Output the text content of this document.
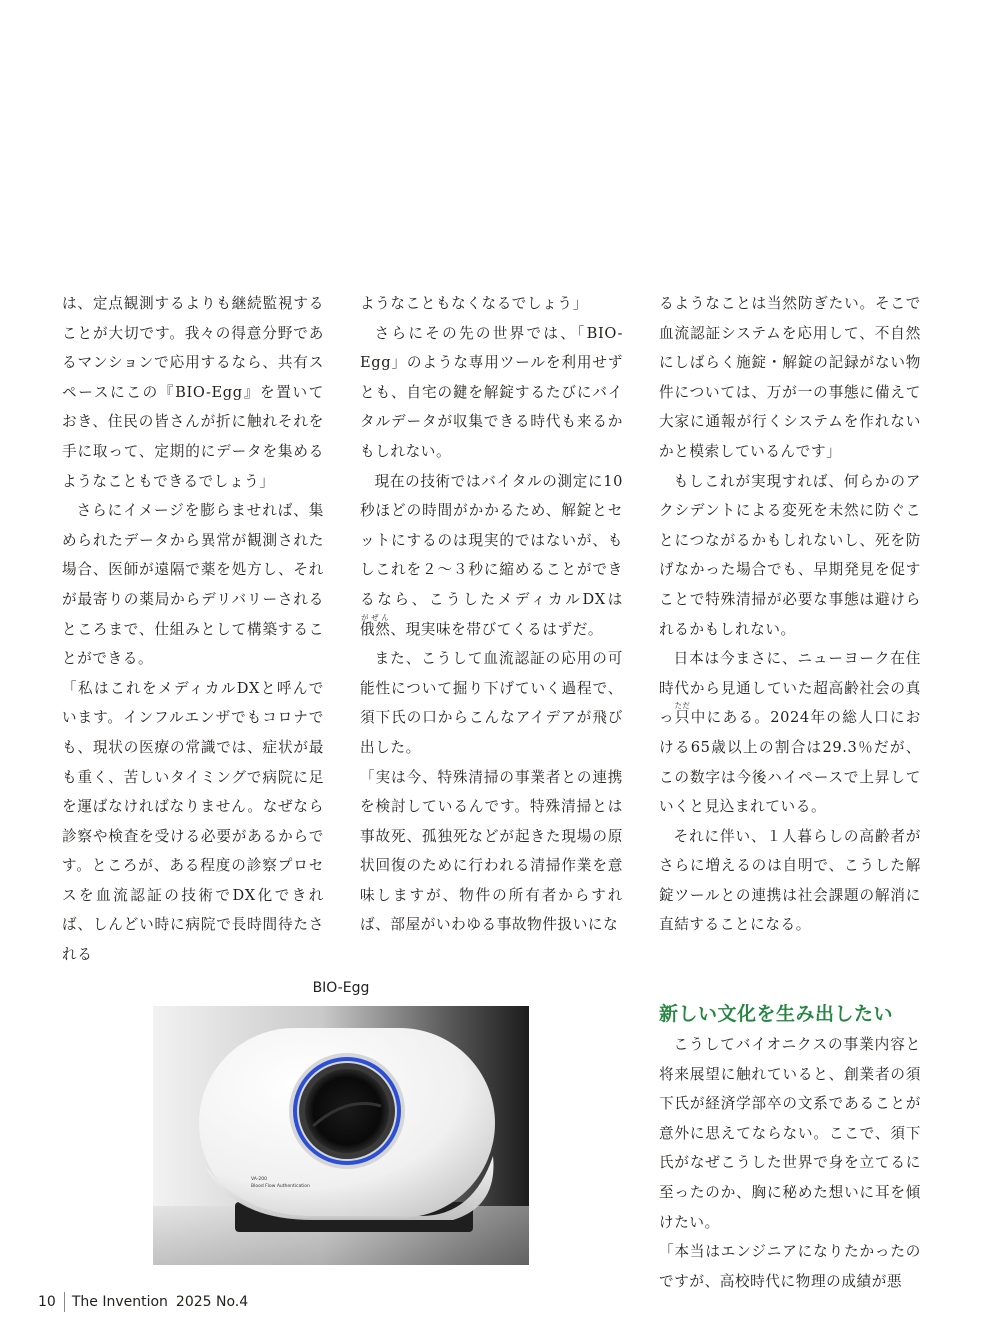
は、定点観測するよりも継続監視することが大切です。我々の得意分野であるマンションで応用するなら、共有スペースにこの『BIO-Egg』を置いておき、住民の皆さんが折に触れそれを手に取って、定期的にデータを集めるようなこともできるでしょう」

さらにイメージを膨らませれば、集められたデータから異常が観測された場合、医師が遠隔で薬を処方し、それが最寄りの薬局からデリバリーされるところまで、仕組みとして構築することができる。

「私はこれをメディカルDXと呼んでいます。インフルエンザでもコロナでも、現状の医療の常識では、症状が最も重く、苦しいタイミングで病院に足を運ばなければなりません。なぜなら診察や検査を受ける必要があるからです。ところが、ある程度の診察プロセスを血流認証の技術でDX化できれば、しんどい時に病院で長時間待たされる

ようなこともなくなるでしょう」

さらにその先の世界では、「BIO-Egg」のような専用ツールを利用せずとも、自宅の鍵を解錠するたびにバイタルデータが収集できる時代も来るかもしれない。

現在の技術ではバイタルの測定に10秒ほどの時間がかかるため、解錠とセットにするのは現実的ではないが、もしこれを２～３秒に縮めることができるなら、こうしたメディカルDXは俄然がぜん、現実味を帯びてくるはずだ。

また、こうして血流認証の応用の可能性について掘り下げていく過程で、須下氏の口からこんなアイデアが飛び出した。

「実は今、特殊清掃の事業者との連携を検討しているんです。特殊清掃とは事故死、孤独死などが起きた現場の原状回復のために行われる清掃作業を意味しますが、物件の所有者からすれば、部屋がいわゆる事故物件扱いにな

るようなことは当然防ぎたい。そこで血流認証システムを応用して、不自然にしばらく施錠・解錠の記録がない物件については、万が一の事態に備えて大家に通報が行くシステムを作れないかと模索しているんです」

もしこれが実現すれば、何らかのアクシデントによる変死を未然に防ぐことにつながるかもしれないし、死を防げなかった場合でも、早期発見を促すことで特殊清掃が必要な事態は避けられるかもしれない。

日本は今まさに、ニューヨーク在住時代から見通していた超高齢社会の真っ只ただ中にある。2024年の総人口における65歳以上の割合は29.3％だが、この数字は今後ハイペースで上昇していくと見込まれている。

それに伴い、１人暮らしの高齢者がさらに増えるのは自明で、こうした解錠ツールとの連携は社会課題の解消に直結することになる。

新しい文化を生み出したい

こうしてバイオニクスの事業内容と将来展望に触れていると、創業者の須下氏が経済学部卒の文系であることが意外に思えてならない。ここで、須下氏がなぜこうした世界で身を立てるに至ったのか、胸に秘めた想いに耳を傾けたい。

「本当はエンジニアになりたかったのですが、高校時代に物理の成績が悪

BIO-Egg
VA-200
Blood Flow Authentication
10 The Invention 2025 No.4
